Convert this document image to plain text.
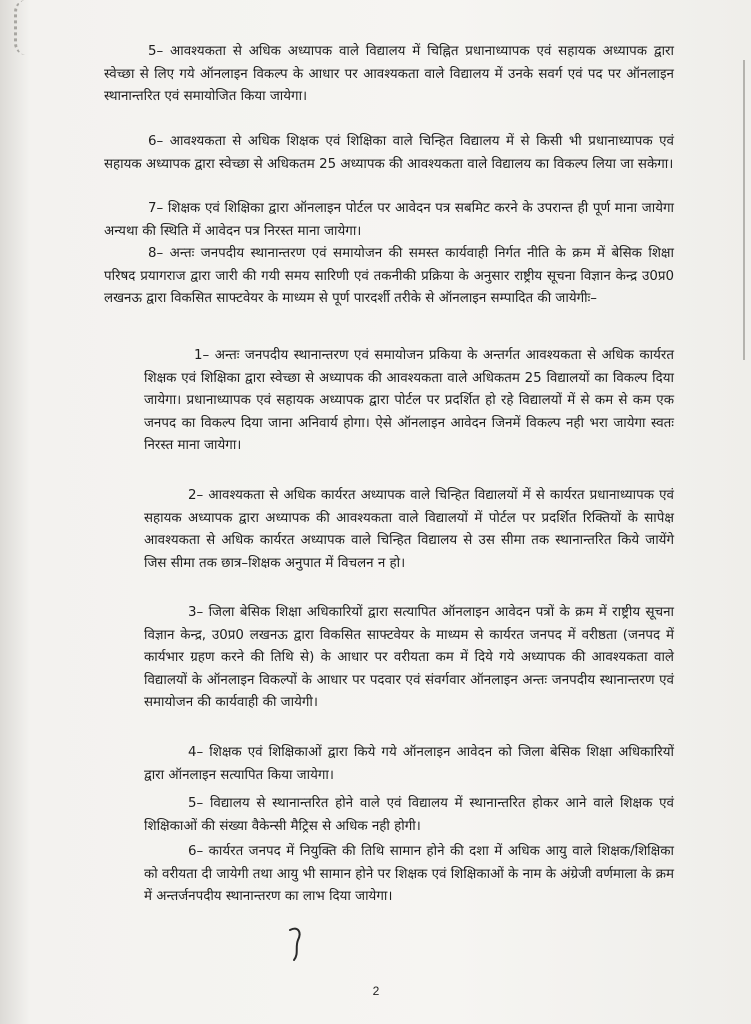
5– आवश्यकता से अधिक अध्यापक वाले विद्यालय में चिह्नित प्रधानाध्यापक एवं सहायक अध्यापक द्वारा स्वेच्छा से लिए गये ऑनलाइन विकल्प के आधार पर आवश्यकता वाले विद्यालय में उनके सवर्ग एवं पद पर ऑनलाइन स्थानान्तरित एवं समायोजित किया जायेगा।

6– आवश्यकता से अधिक शिक्षक एवं शिक्षिका वाले चिन्हित विद्यालय में से किसी भी प्रधानाध्यापक एवं सहायक अध्यापक द्वारा स्वेच्छा से अधिकतम 25 अध्यापक की आवश्यकता वाले विद्यालय का विकल्प लिया जा सकेगा।

7– शिक्षक एवं शिक्षिका द्वारा ऑनलाइन पोर्टल पर आवेदन पत्र सबमिट करने के उपरान्त ही पूर्ण माना जायेगा अन्यथा की स्थिति में आवेदन पत्र निरस्त माना जायेगा।

8– अन्तः जनपदीय स्थानान्तरण एवं समायोजन की समस्त कार्यवाही निर्गत नीति के क्रम में बेसिक शिक्षा परिषद प्रयागराज द्वारा जारी की गयी समय सारिणी एवं तकनीकी प्रक्रिया के अनुसार राष्ट्रीय सूचना विज्ञान केन्द्र उ0प्र0 लखनऊ द्वारा विकसित साफ्टवेयर के माध्यम से पूर्ण पारदर्शी तरीके से ऑनलाइन सम्पादित की जायेगीः–

1– अन्तः जनपदीय स्थानान्तरण एवं समायोजन प्रकिया के अन्तर्गत आवश्यकता से अधिक कार्यरत शिक्षक एवं शिक्षिका द्वारा स्वेच्छा से अध्यापक की आवश्यकता वाले अधिकतम 25 विद्यालयों का विकल्प दिया जायेगा। प्रधानाध्यापक एवं सहायक अध्यापक द्वारा पोर्टल पर प्रदर्शित हो रहे विद्यालयों में से कम से कम एक जनपद का विकल्प दिया जाना अनिवार्य होगा। ऐसे ऑनलाइन आवेदन जिनमें विकल्प नही भरा जायेगा स्वतः निरस्त माना जायेगा।

2– आवश्यकता से अधिक कार्यरत अध्यापक वाले चिन्हित विद्यालयों में से कार्यरत प्रधानाध्यापक एवं सहायक अध्यापक द्वारा अध्यापक की आवश्यकता वाले विद्यालयों में पोर्टल पर प्रदर्शित रिक्तियों के सापेक्ष आवश्यकता से अधिक कार्यरत अध्यापक वाले चिन्हित विद्यालय से उस सीमा तक स्थानान्तरित किये जायेंगे जिस सीमा तक छात्र–शिक्षक अनुपात में विचलन न हो।

3– जिला बेसिक शिक्षा अधिकारियों द्वारा सत्यापित ऑनलाइन आवेदन पत्रों के क्रम में राष्ट्रीय सूचना विज्ञान केन्द्र, उ0प्र0 लखनऊ द्वारा विकसित साफ्टवेयर के माध्यम से कार्यरत जनपद में वरीष्ठता (जनपद में कार्यभार ग्रहण करने की तिथि से) के आधार पर वरीयता कम में दिये गये अध्यापक की आवश्यकता वाले विद्यालयों के ऑनलाइन विकल्पों के आधार पर पदवार एवं संवर्गवार ऑनलाइन अन्तः जनपदीय स्थानान्तरण एवं समायोजन की कार्यवाही की जायेगी।

4– शिक्षक एवं शिक्षिकाओं द्वारा किये गये ऑनलाइन आवेदन को जिला बेसिक शिक्षा अधिकारियों द्वारा ऑनलाइन सत्यापित किया जायेगा।

5– विद्यालय से स्थानान्तरित होने वाले एवं विद्यालय में स्थानान्तरित होकर आने वाले शिक्षक एवं शिक्षिकाओं की संख्या वैकेन्सी मैट्रिस से अधिक नही होगी।

6– कार्यरत जनपद में नियुक्ति की तिथि सामान होने की दशा में अधिक आयु वाले शिक्षक/शिक्षिका को वरीयता दी जायेगी तथा आयु भी सामान होने पर शिक्षक एवं शिक्षिकाओं के नाम के अंग्रेजी वर्णमाला के क्रम में अन्तर्जनपदीय स्थानान्तरण का लाभ दिया जायेगा।

2
